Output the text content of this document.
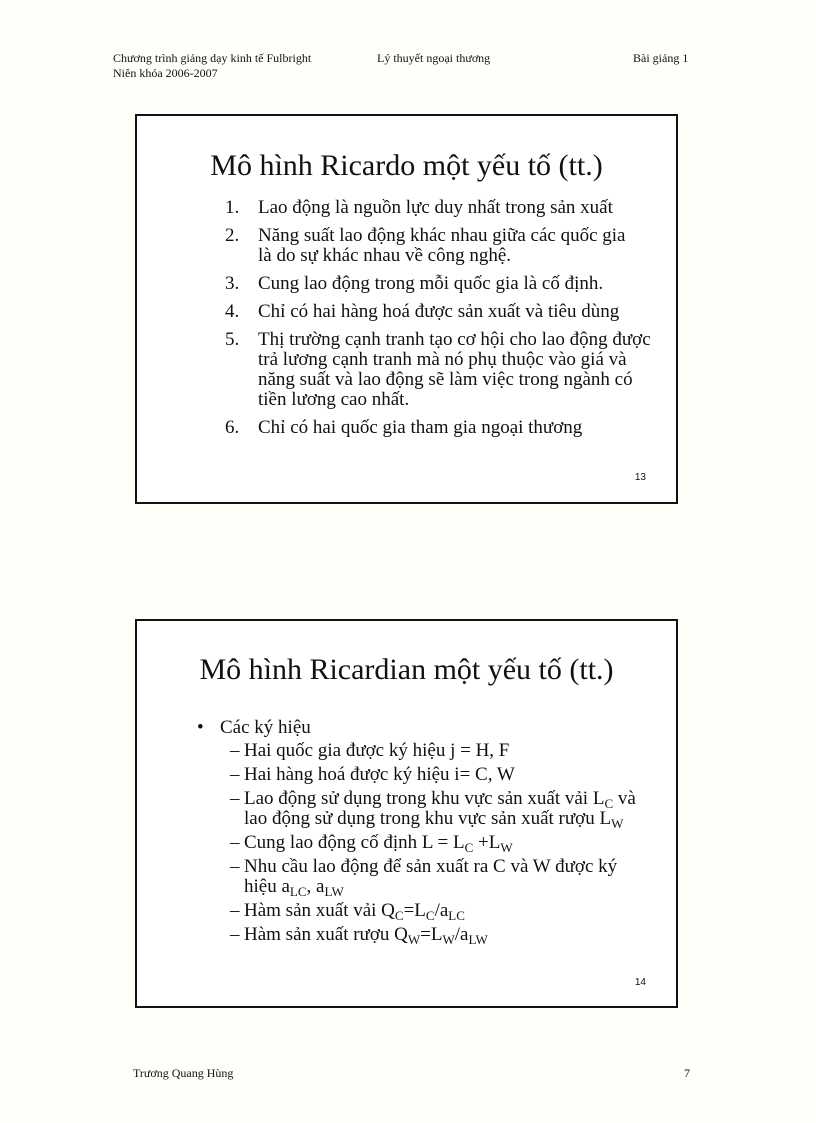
Chương trình giảng dạy kinh tế Fulbright
Niên khóa 2006-2007
Lý thuyết ngoại thương	Bài giảng 1
Mô hình Ricardo một yếu tố (tt.)
1. Lao động là nguồn lực duy nhất trong sản xuất
2. Năng suất lao động khác nhau giữa các quốc gia là do sự khác nhau về công nghệ.
3. Cung lao động trong mỗi quốc gia là cố định.
4. Chỉ có hai hàng hoá được sản xuất và tiêu dùng
5. Thị trường cạnh tranh tạo cơ hội cho lao động được trả lương cạnh tranh mà nó phụ thuộc vào giá và năng suất và lao động sẽ làm việc trong ngành có tiền lương cao nhất.
6. Chỉ có hai quốc gia tham gia ngoại thương
13
Mô hình Ricardian một yếu tố (tt.)
• Các ký hiệu
– Hai quốc gia được ký hiệu j = H, F
– Hai hàng hoá được ký hiệu i= C, W
– Lao động sử dụng trong khu vực sản xuất vải $L_C$ và lao động sử dụng trong khu vực sản xuất rượu $L_W$
– Cung lao động cố định $L = L_C +L_W$
– Nhu cầu lao động để sản xuất ra C và W được ký hiệu $a_{LC}$, $a_{LW}$
– Hàm sản xuất vải $Q_C=L_C/a_{LC}$
– Hàm sản xuất rượu $Q_W=L_W/a_{LW}$
14
Trương Quang Hùng	7
